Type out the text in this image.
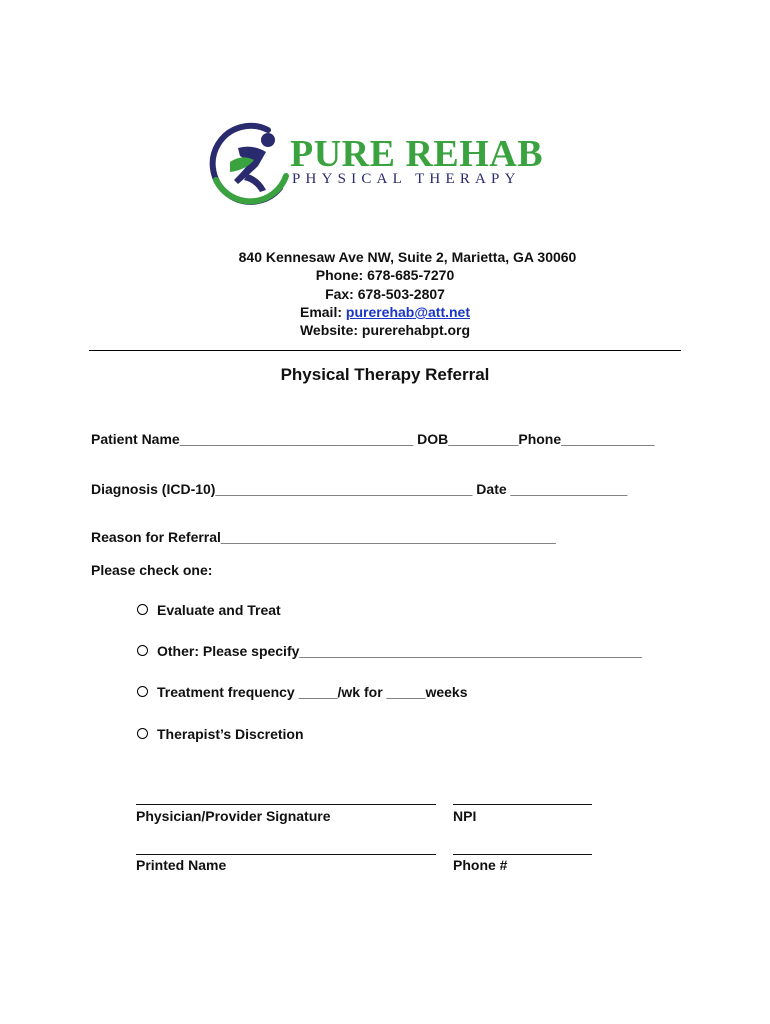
PURE REHAB
PHYSICAL THERAPY
840 Kennesaw Ave NW, Suite 2, Marietta, GA 30060
Phone: 678-685-7270
Fax: 678-503-2807
Email: purerehab@att.net
Website: purerehabpt.org
Physical Therapy Referral
Patient Name______________________________ DOB_________Phone____________
Diagnosis (ICD-10)_________________________________ Date _______________
Reason for Referral___________________________________________
Please check one:
Evaluate and Treat
Other: Please specify____________________________________________
Treatment frequency _____/wk for _____weeks
Therapist’s Discretion
Physician/Provider Signature	NPI
Printed Name	Phone #
